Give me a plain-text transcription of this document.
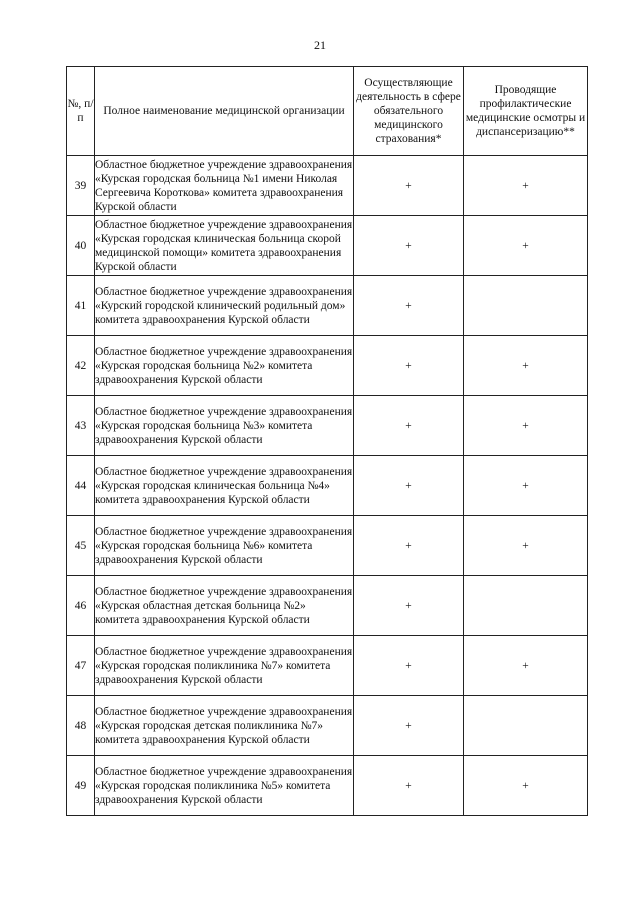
21
№, п/п	Полное наименование медицинской организации	Осуществляющие деятельность в сфере обязательного медицинского страхования*	Проводящие профилактические медицинские осмотры и диспансеризацию**
39	Областное бюджетное учреждение здравоохранения «Курская городская больница №1 имени Николая Сергеевича Короткова» комитета здравоохранения Курской области	+	+
40	Областное бюджетное учреждение здравоохранения «Курская городская клиническая больница скорой медицинской помощи» комитета здравоохранения Курской области	+	+
41	Областное бюджетное учреждение здравоохранения «Курский городской клинический родильный дом» комитета здравоохранения Курской области	+	
42	Областное бюджетное учреждение здравоохранения «Курская городская больница №2» комитета здравоохранения Курской области	+	+
43	Областное бюджетное учреждение здравоохранения «Курская городская больница №3» комитета здравоохранения Курской области	+	+
44	Областное бюджетное учреждение здравоохранения «Курская городская клиническая больница №4» комитета здравоохранения Курской области	+	+
45	Областное бюджетное учреждение здравоохранения «Курская городская больница №6» комитета здравоохранения Курской области	+	+
46	Областное бюджетное учреждение здравоохранения «Курская областная детская больница №2» комитета здравоохранения Курской области	+	
47	Областное бюджетное учреждение здравоохранения «Курская городская поликлиника №7» комитета здравоохранения Курской области	+	+
48	Областное бюджетное учреждение здравоохранения «Курская городская детская поликлиника №7» комитета здравоохранения Курской области	+	
49	Областное бюджетное учреждение здравоохранения «Курская городская поликлиника №5» комитета здравоохранения Курской области	+	+
